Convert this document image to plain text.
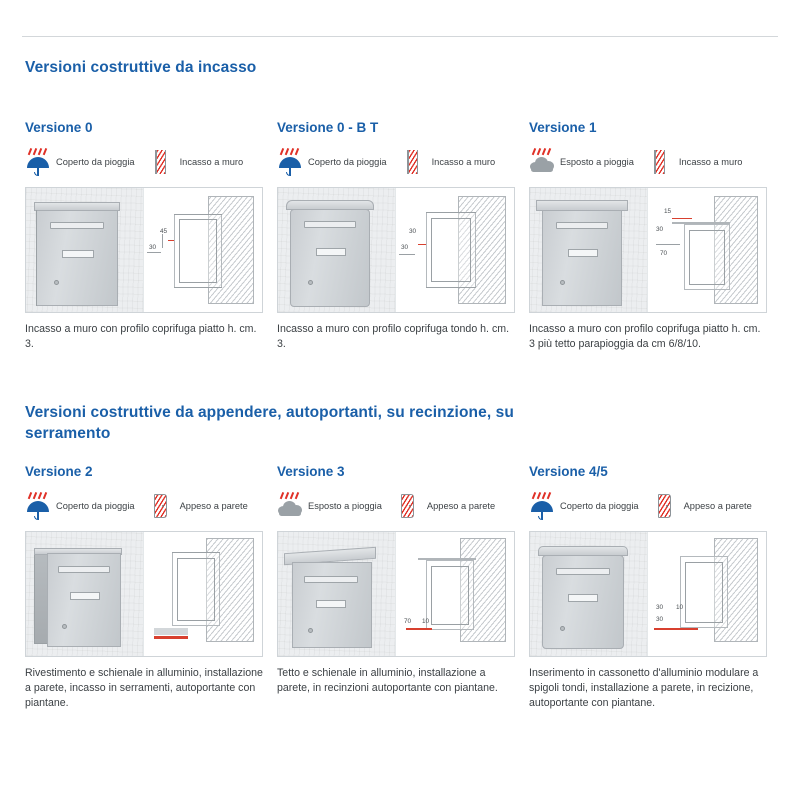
Versioni costruttive da incasso
Versione 0
Coperto da pioggia	Incasso a muro
45
30
Incasso a muro con profilo coprifuga piatto h. cm. 3.
Versione 0 - B T
Coperto da pioggia	Incasso a muro
30
30
Incasso a muro con profilo coprifuga tondo h. cm. 3.
Versione 1
Esposto a pioggia	Incasso a muro
15
30
70
Incasso a muro con profilo coprifuga piatto h. cm. 3 più tetto parapioggia da cm 6/8/10.
Versioni costruttive da appendere, autoportanti, su recinzione, su serramento
Versione 2
Coperto da pioggia	Appeso a parete
Rivestimento e schienale in alluminio, installazione a parete, incasso in serramenti, autoportante con piantane.
Versione 3
Esposto a pioggia	Appeso a parete
70 10
Tetto e schienale in alluminio, installazione a parete, in recinzioni autoportante con piantane.
Versione 4/5
Coperto da pioggia	Appeso a parete
30 10
30
Inserimento in cassonetto d'alluminio modulare a spigoli tondi, installazione a parete, in recizione, autoportante con piantane.
